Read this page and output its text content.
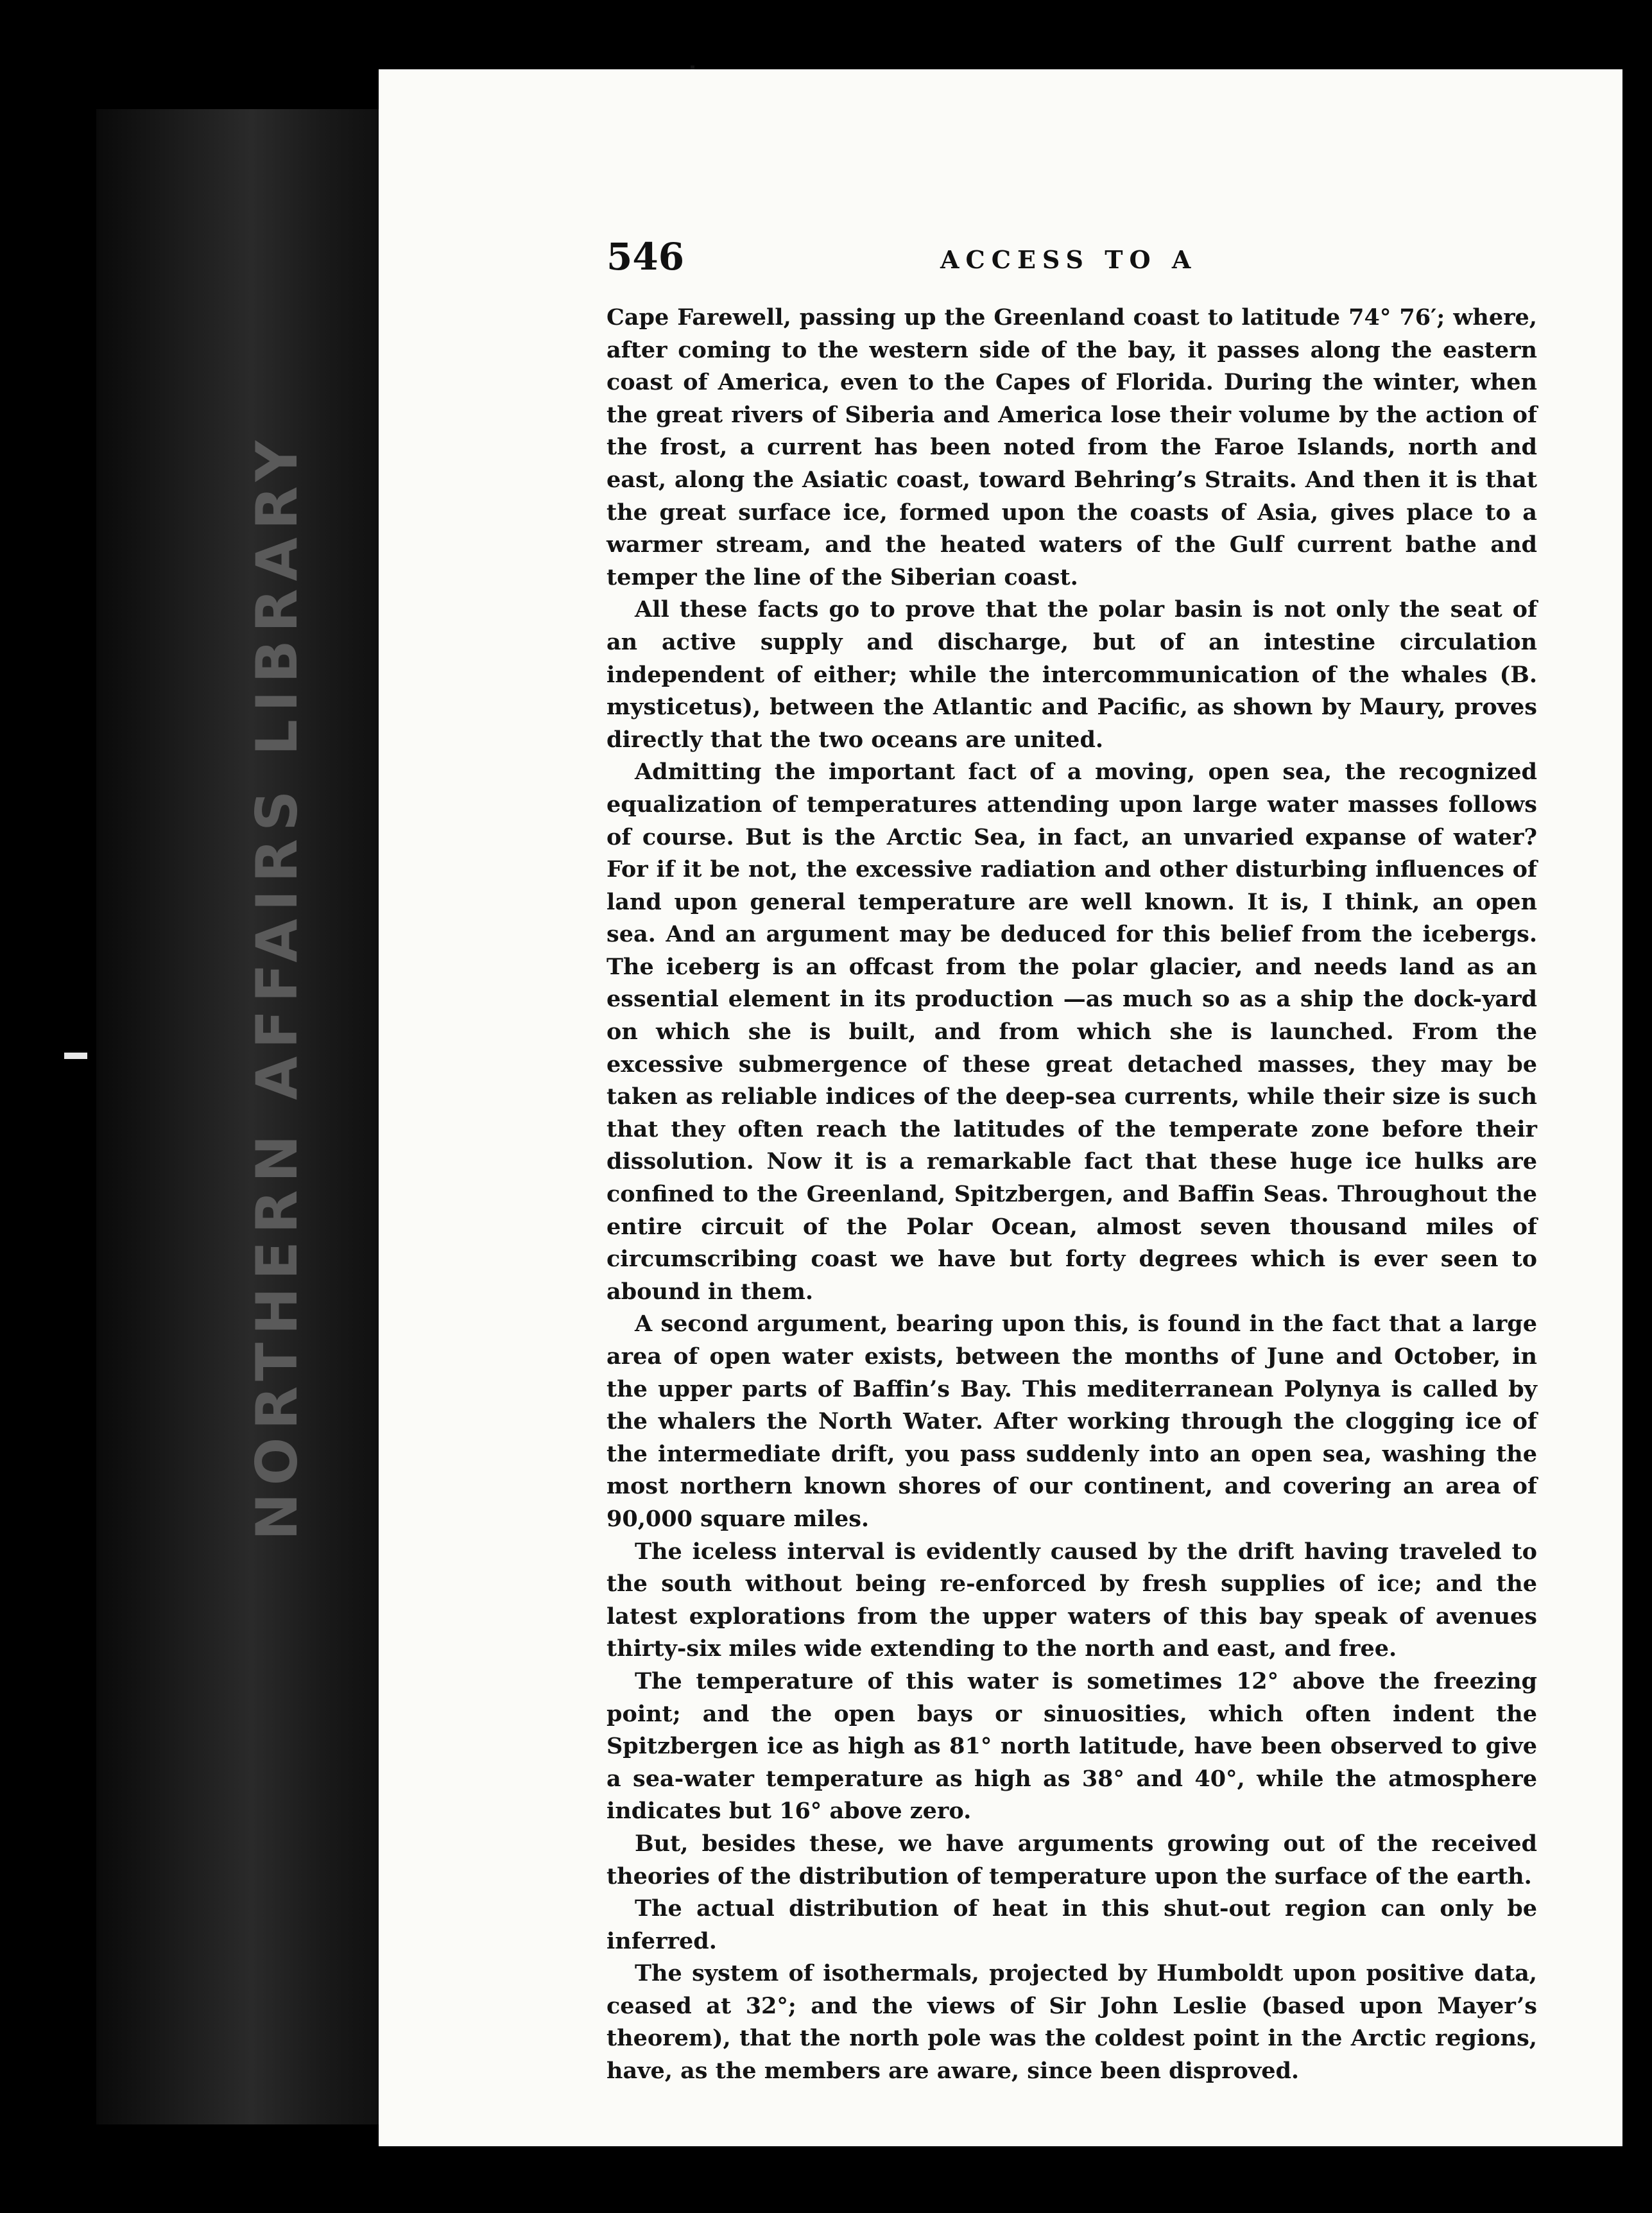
NORTHERN AFFAIRS LIBRARY
546	ACCESS TO A

Cape Farewell, passing up the Greenland coast to latitude 74° 76′; where, after coming to the western side of the bay, it passes along the eastern coast of America, even to the Capes of Florida. During the winter, when the great rivers of Siberia and America lose their volume by the action of the frost, a current has been noted from the Faroe Islands, north and east, along the Asiatic coast, toward Behring’s Straits. And then it is that the great surface ice, formed upon the coasts of Asia, gives place to a warmer stream, and the heated waters of the Gulf current bathe and temper the line of the Siberian coast.

All these facts go to prove that the polar basin is not only the seat of an active supply and discharge, but of an intestine circulation independent of either; while the intercommunication of the whales (B. mysticetus), between the Atlantic and Pacific, as shown by Maury, proves directly that the two oceans are united.

Admitting the important fact of a moving, open sea, the recognized equalization of temperatures attending upon large water masses follows of course. But is the Arctic Sea, in fact, an unvaried expanse of water? For if it be not, the excessive radiation and other disturbing influences of land upon general temperature are well known. It is, I think, an open sea. And an argument may be deduced for this belief from the icebergs. The iceberg is an offcast from the polar glacier, and needs land as an essential element in its production —as much so as a ship the dock-yard on which she is built, and from which she is launched. From the excessive submergence of these great detached masses, they may be taken as reliable indices of the deep-sea currents, while their size is such that they often reach the latitudes of the temperate zone before their dissolution. Now it is a remarkable fact that these huge ice hulks are confined to the Greenland, Spitzbergen, and Baffin Seas. Throughout the entire circuit of the Polar Ocean, almost seven thousand miles of circumscribing coast we have but forty degrees which is ever seen to abound in them.

A second argument, bearing upon this, is found in the fact that a large area of open water exists, between the months of June and October, in the upper parts of Baffin’s Bay. This mediterranean Polynya is called by the whalers the North Water. After working through the clogging ice of the intermediate drift, you pass suddenly into an open sea, washing the most northern known shores of our continent, and covering an area of 90,000 square miles.

The iceless interval is evidently caused by the drift having traveled to the south without being re-enforced by fresh supplies of ice; and the latest explorations from the upper waters of this bay speak of avenues thirty-six miles wide extending to the north and east, and free.

The temperature of this water is sometimes 12° above the freezing point; and the open bays or sinuosities, which often indent the Spitzbergen ice as high as 81° north latitude, have been observed to give a sea-water temperature as high as 38° and 40°, while the atmosphere indicates but 16° above zero.

But, besides these, we have arguments growing out of the received theories of the distribution of temperature upon the surface of the earth.

The actual distribution of heat in this shut-out region can only be inferred.

The system of isothermals, projected by Humboldt upon positive data, ceased at 32°; and the views of Sir John Leslie (based upon Mayer’s theorem), that the north pole was the coldest point in the Arctic regions, have, as the members are aware, since been disproved.
